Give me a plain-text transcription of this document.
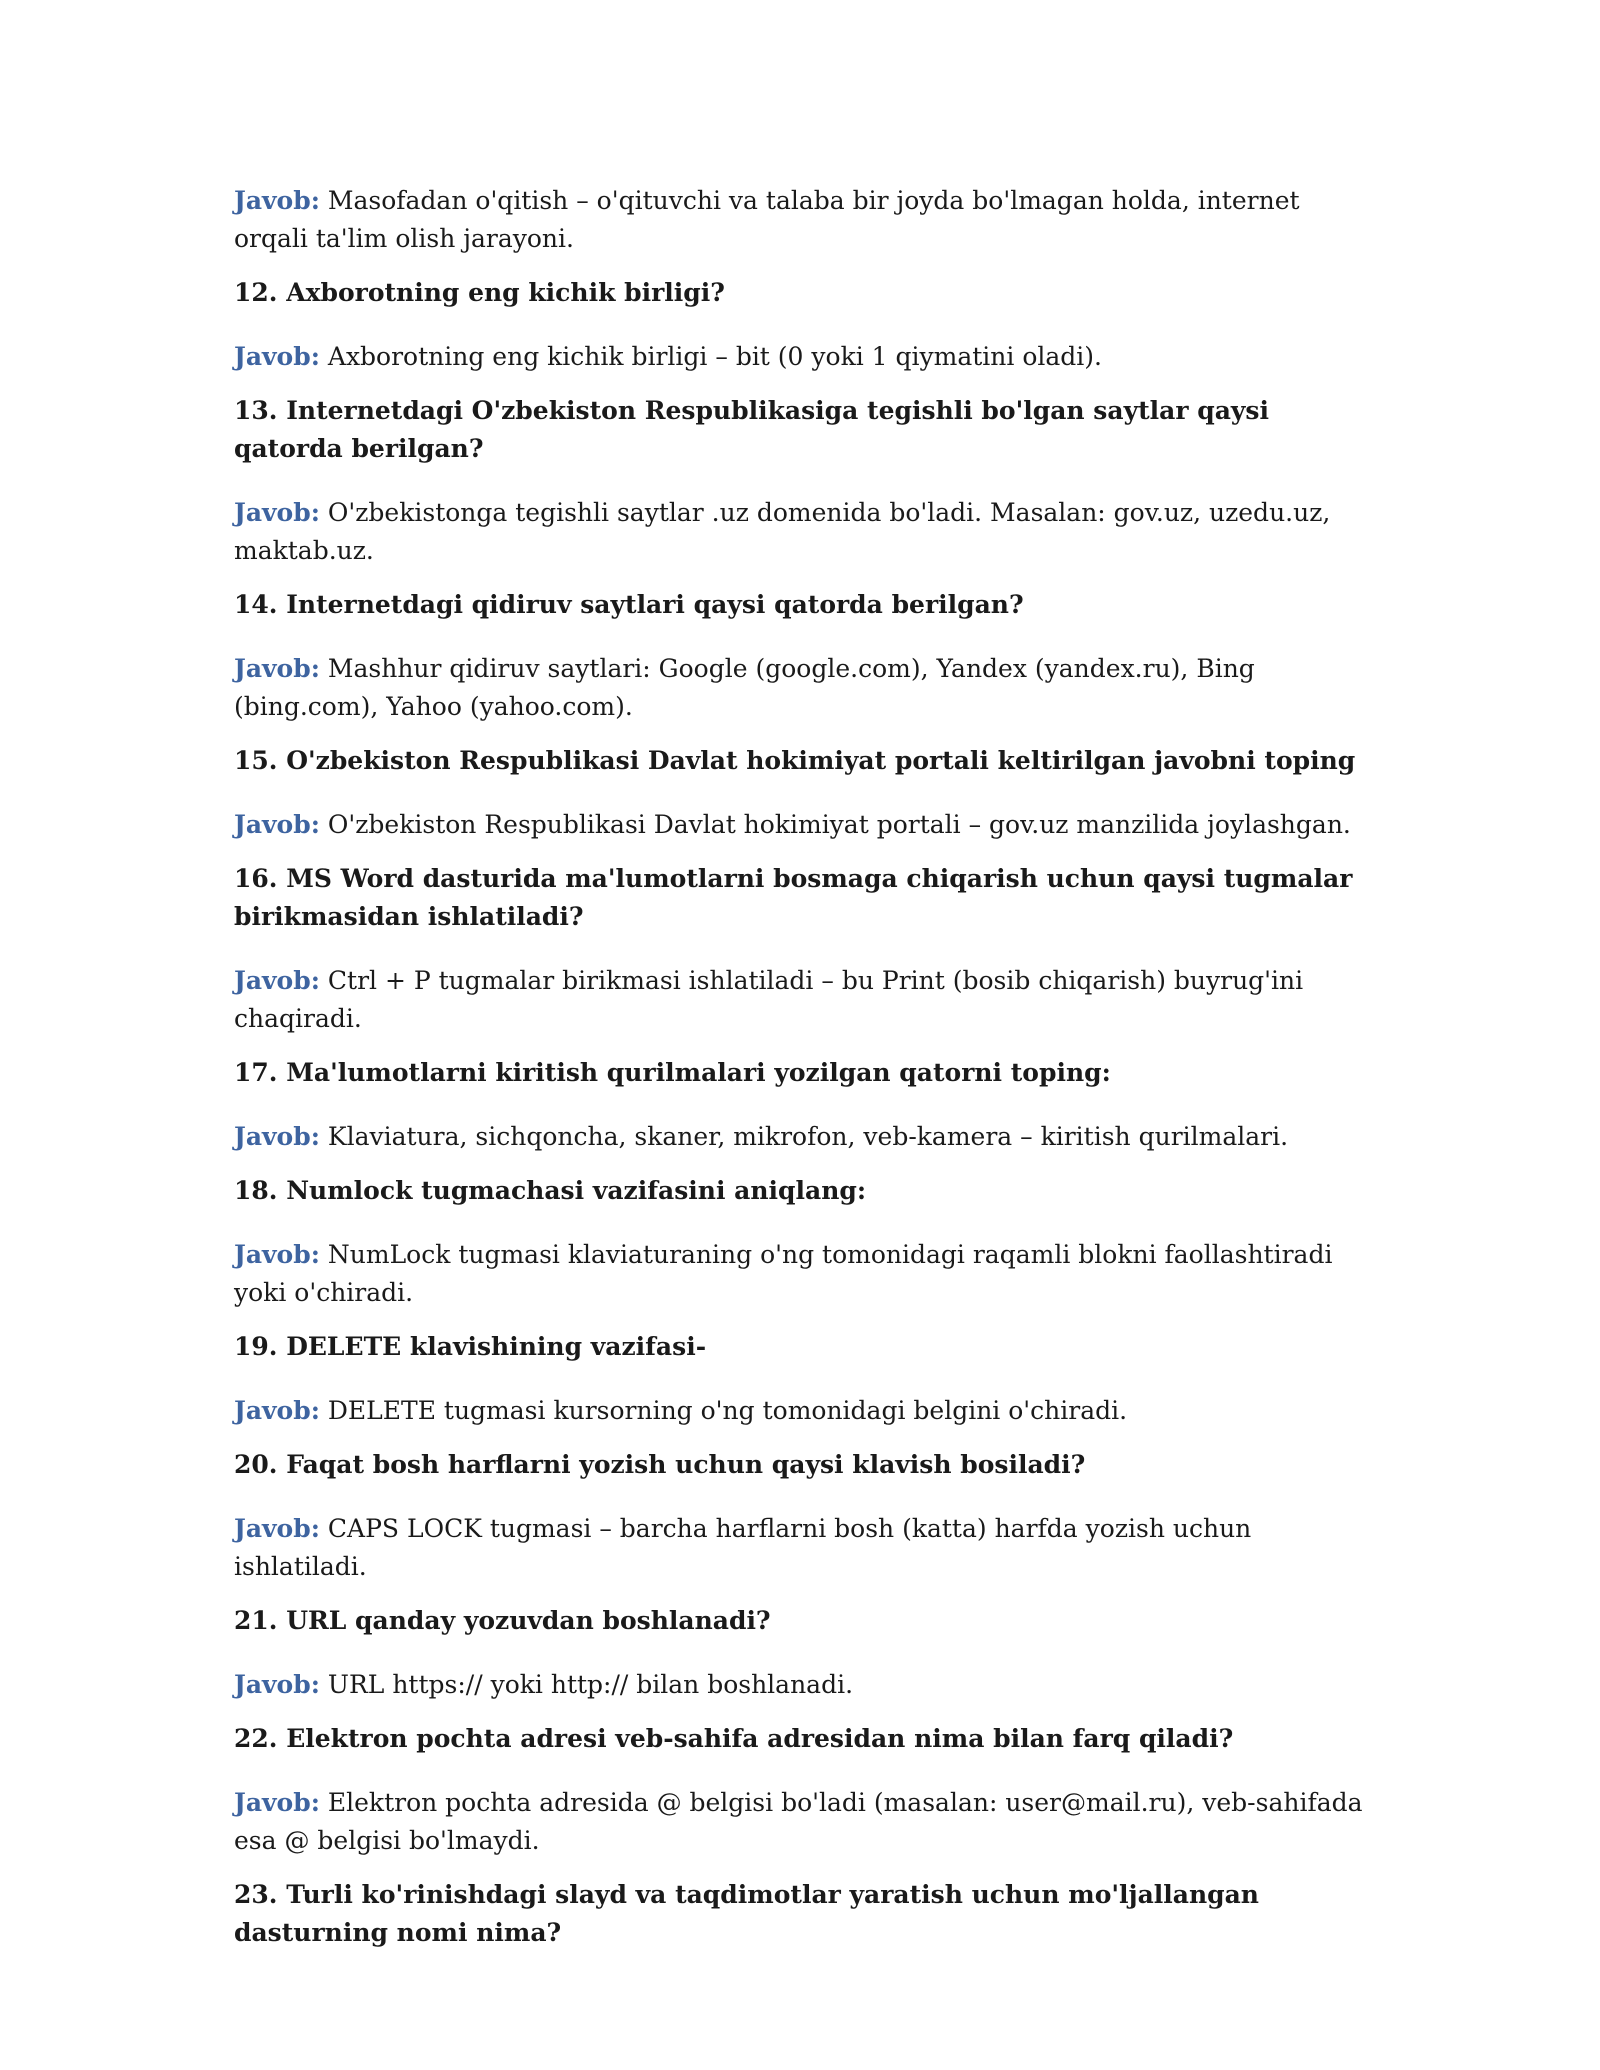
Javob: Masofadan o'qitish – o'qituvchi va talaba bir joyda bo'lmagan holda, internet orqali ta'lim olish jarayoni.

12. Axborotning eng kichik birligi?

Javob: Axborotning eng kichik birligi – bit (0 yoki 1 qiymatini oladi).

13. Internetdagi O'zbekiston Respublikasiga tegishli bo'lgan saytlar qaysi qatorda berilgan?

Javob: O'zbekistonga tegishli saytlar .uz domenida bo'ladi. Masalan: gov.uz, uzedu.uz, maktab.uz.

14. Internetdagi qidiruv saytlari qaysi qatorda berilgan?

Javob: Mashhur qidiruv saytlari: Google (google.com), Yandex (yandex.ru), Bing (bing.com), Yahoo (yahoo.com).

15. O'zbekiston Respublikasi Davlat hokimiyat portali keltirilgan javobni toping

Javob: O'zbekiston Respublikasi Davlat hokimiyat portali – gov.uz manzilida joylashgan.

16. MS Word dasturida ma'lumotlarni bosmaga chiqarish uchun qaysi tugmalar birikmasidan ishlatiladi?

Javob: Ctrl + P tugmalar birikmasi ishlatiladi – bu Print (bosib chiqarish) buyrug'ini chaqiradi.

17. Ma'lumotlarni kiritish qurilmalari yozilgan qatorni toping:

Javob: Klaviatura, sichqoncha, skaner, mikrofon, veb-kamera – kiritish qurilmalari.

18. Numlock tugmachasi vazifasini aniqlang:

Javob: NumLock tugmasi klaviaturaning o'ng tomonidagi raqamli blokni faollashtiradi yoki o'chiradi.

19. DELETE klavishining vazifasi-

Javob: DELETE tugmasi kursorning o'ng tomonidagi belgini o'chiradi.

20. Faqat bosh harflarni yozish uchun qaysi klavish bosiladi?

Javob: CAPS LOCK tugmasi – barcha harflarni bosh (katta) harfda yozish uchun ishlatiladi.

21. URL qanday yozuvdan boshlanadi?

Javob: URL https:// yoki http:// bilan boshlanadi.

22. Elektron pochta adresi veb-sahifa adresidan nima bilan farq qiladi?

Javob: Elektron pochta adresida @ belgisi bo'ladi (masalan: user@mail.ru), veb-sahifada esa @ belgisi bo'lmaydi.

23. Turli ko'rinishdagi slayd va taqdimotlar yaratish uchun mo'ljallangan dasturning nomi nima?
